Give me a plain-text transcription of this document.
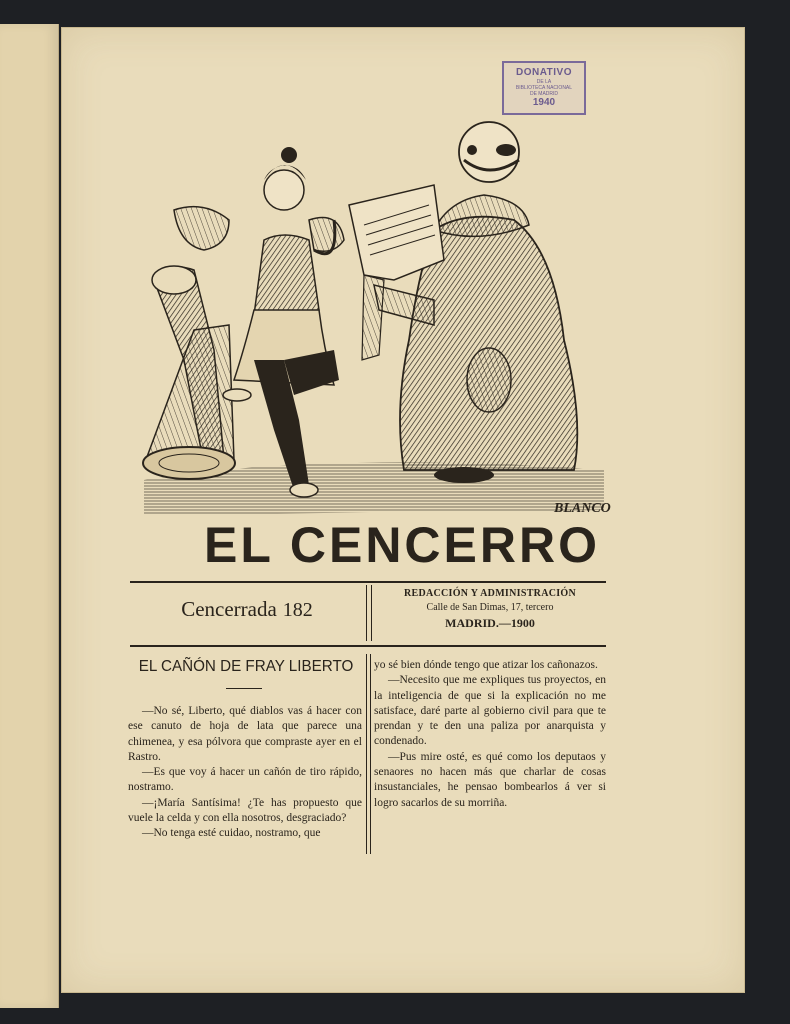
DONATIVO
DE LA
BIBLIOTECA NACIONAL
DE MADRID
1940
BLANCO
EL CENCERRO
Cencerrada 182
REDACCIÓN Y ADMINISTRACIÓN
Calle de San Dimas, 17, tercero
MADRID.—1900
EL CAÑÓN DE FRAY LIBERTO

—No sé, Liberto, qué diablos vas á hacer con ese canuto de hoja de lata que parece una chimenea, y esa pólvora que compraste ayer en el Rastro.

—Es que voy á hacer un cañón de tiro rápido, nostramo.

—¡María Santísima! ¿Te has propuesto que vuele la celda y con ella nosotros, desgraciado?

—No tenga esté cuidao, nostramo, que

yo sé bien dónde tengo que atizar los cañonazos.

—Necesito que me expliques tus proyectos, en la inteligencia de que si la explicación no me satisface, daré parte al gobierno civil para que te prendan y te den una paliza por anarquista y condenado.

—Pus mire osté, es qué como los deputaos y senaores no hacen más que charlar de cosas insustanciales, he pensao bombearlos á ver si logro sacarlos de su morriña.
